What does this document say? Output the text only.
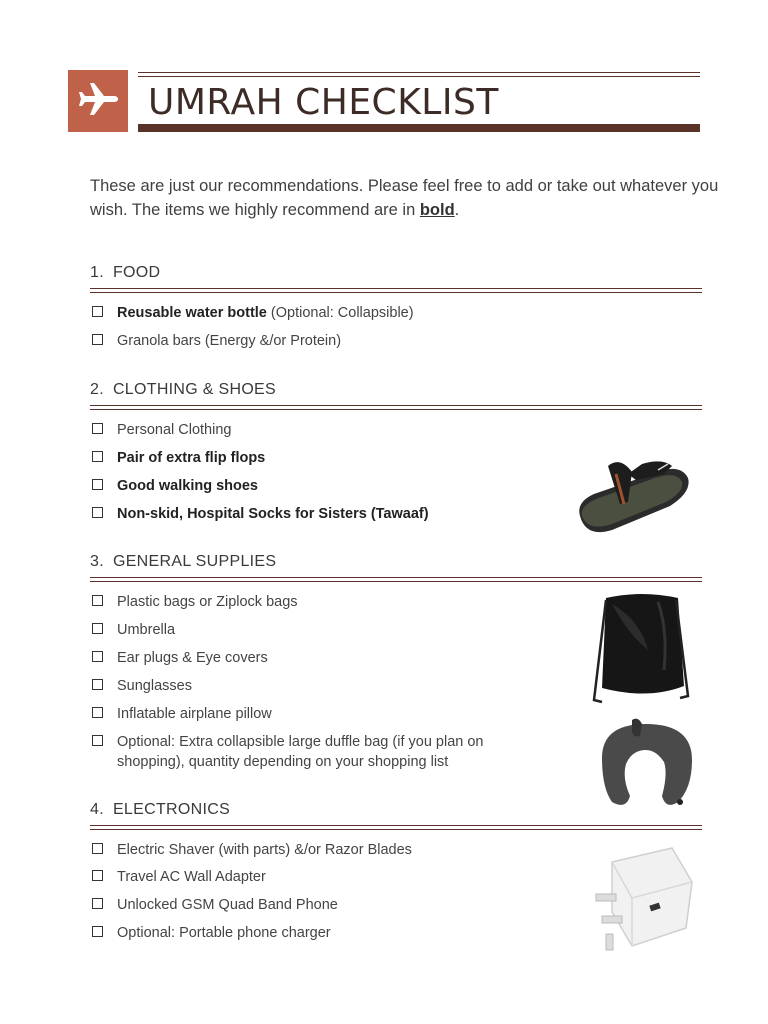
UMRAH CHECKLIST
These are just our recommendations. Please feel free to add or take out whatever you wish. The items we highly recommend are in bold.
1. FOOD
Reusable water bottle (Optional: Collapsible)
Granola bars (Energy &/or Protein)
2. CLOTHING & SHOES
Personal Clothing
Pair of extra flip flops
Good walking shoes
Non-skid, Hospital Socks for Sisters (Tawaaf)
3. GENERAL SUPPLIES
Plastic bags or Ziplock bags
Umbrella
Ear plugs & Eye covers
Sunglasses
Inflatable airplane pillow
Optional: Extra collapsible large duffle bag (if you plan on shopping), quantity depending on your shopping list
4. ELECTRONICS
Electric Shaver (with parts) &/or Razor Blades
Travel AC Wall Adapter
Unlocked GSM Quad Band Phone
Optional: Portable phone charger
